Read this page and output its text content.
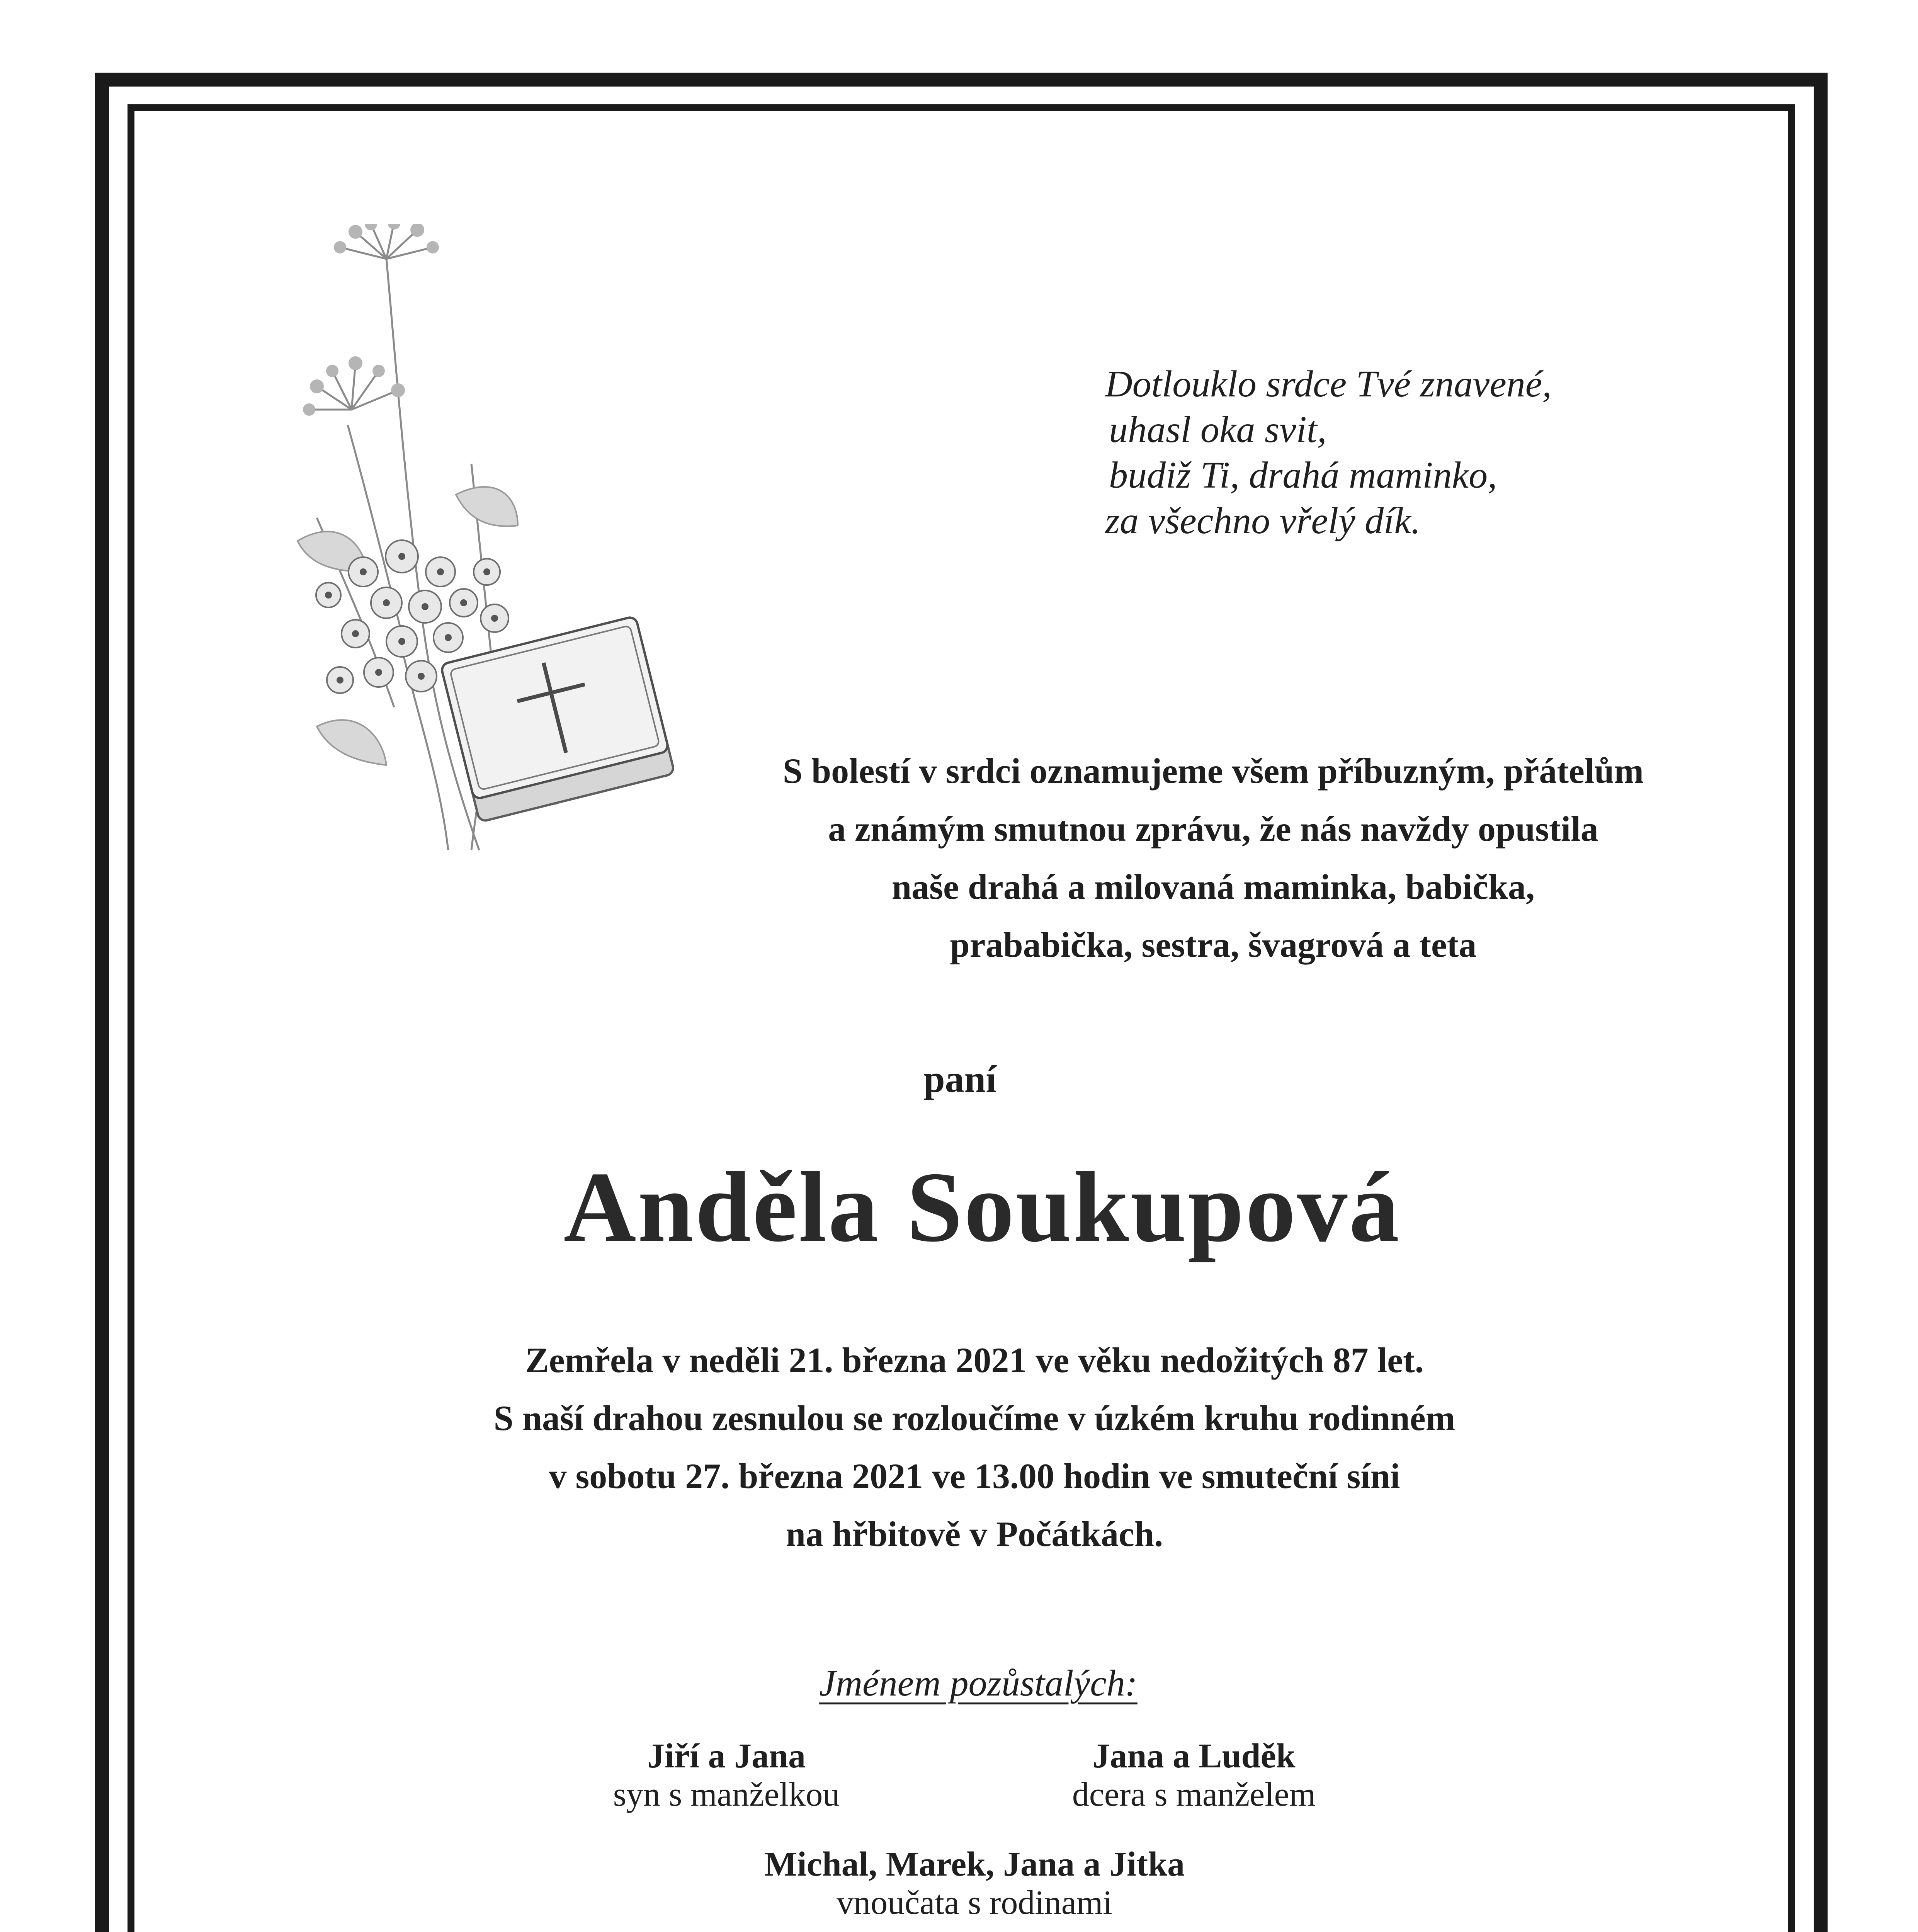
Dotlouklo srdce Tvé znavené,
uhasl oka svit,
budiž Ti, drahá maminko,
za všechno vřelý dík.
S bolestí v srdci oznamujeme všem příbuzným, přátelům
a známým smutnou zprávu, že nás navždy opustila
naše drahá a milovaná maminka, babička,
prababička, sestra, švagrová a teta
paní
Anděla Soukupová
Zemřela v neděli 21. března 2021 ve věku nedožitých 87 let.
S naší drahou zesnulou se rozloučíme v úzkém kruhu rodinném
v sobotu 27. března 2021 ve 13.00 hodin ve smuteční síni
na hřbitově v Počátkách.
Jménem pozůstalých:
Jiří a Jana
syn s manželkou
Jana a Luděk
dcera s manželem
Michal, Marek, Jana a Jitka
vnoučata s rodinami
